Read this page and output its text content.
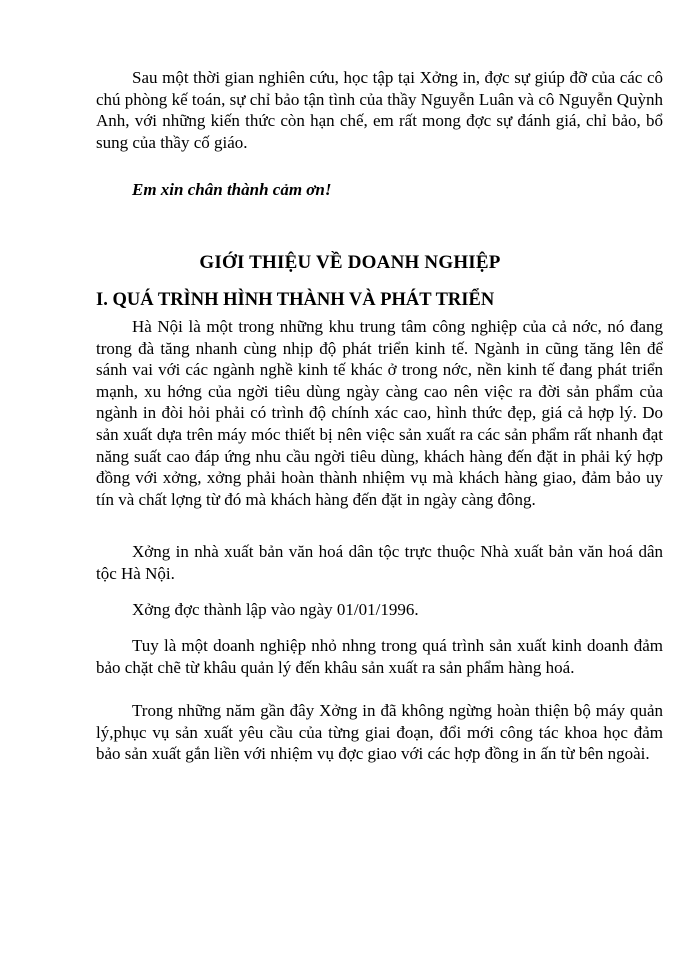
Sau một thời gian nghiên cứu, học tập tại Xởng in, đợc sự giúp đỡ của các cô chú phòng kế toán, sự chỉ bảo tận tình của thầy Nguyễn Luân và cô Nguyễn Quỳnh Anh, với những kiến thức còn hạn chế, em rất mong đợc sự đánh giá, chỉ bảo, bổ sung của thầy cố giáo.

Em xin chân thành cảm ơn!
GIỚI THIỆU VỀ DOANH NGHIỆP
I. QUÁ TRÌNH HÌNH THÀNH VÀ PHÁT TRIỂN

Hà Nội là một trong những khu trung tâm công nghiệp của cả nớc, nó đang trong đà tăng nhanh cùng nhịp độ phát triển kinh tế. Ngành in cũng tăng lên để sánh vai với các ngành nghề kinh tế khác ở trong nớc, nền kinh tế đang phát triển mạnh, xu hớng của ngời tiêu dùng ngày càng cao nên việc ra đời sản phẩm của ngành in đòi hỏi phải có trình độ chính xác cao, hình thức đẹp, giá cả hợp lý. Do sản xuất dựa trên máy móc thiết bị nên việc sản xuất ra các sản phẩm rất nhanh đạt năng suất cao đáp ứng nhu cầu ngời tiêu dùng, khách hàng đến đặt in phải ký hợp đồng với xởng, xởng phải hoàn thành nhiệm vụ mà khách hàng giao, đảm bảo uy tín và chất lợng từ đó mà khách hàng đến đặt in ngày càng đông.

Xởng in nhà xuất bản văn hoá dân tộc trực thuộc Nhà xuất bản văn hoá dân tộc Hà Nội.

Xởng đợc thành lập vào ngày 01/01/1996.

Tuy là một doanh nghiệp nhỏ nhng trong quá trình sản xuất kinh doanh đảm bảo chặt chẽ từ khâu quản lý đến khâu sản xuất ra sản phẩm hàng hoá.

Trong những năm gần đây Xởng in đã không ngừng hoàn thiện bộ máy quản lý,phục vụ sản xuất yêu cầu của từng giai đoạn, đổi mới công tác khoa học đảm bảo sản xuất gắn liền với nhiệm vụ đợc giao với các hợp đồng in ấn từ bên ngoài.
